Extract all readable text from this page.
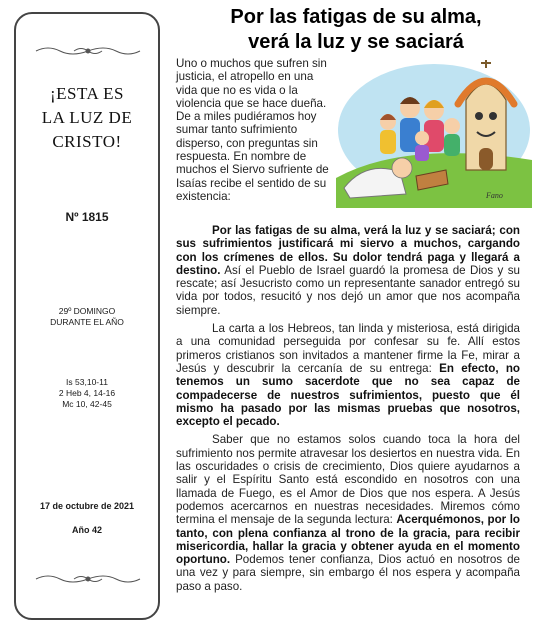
¡ESTA ES
LA LUZ DE
CRISTO!
Nº 1815
29º DOMINGO
DURANTE EL AÑO
Is 53,10-11
2 Heb 4, 14-16
Mc 10, 42-45
17 de octubre de 2021
Año 42
Por las fatigas de su alma,
verá la luz y se saciará
Uno o muchos que sufren sin justicia, el atropello en una vida que no es vida o la violencia que se hace dueña. De a miles pudiéramos hoy sumar tanto sufrimiento disperso, con preguntas sin respuesta. En nombre de muchos el Siervo sufriente de Isaías recibe el sentido de su existencia:	Fano

Por las fatigas de su alma, verá la luz y se saciará; con sus sufrimientos justificará mi siervo a muchos, cargando con los crímenes de ellos. Su dolor tendrá paga y llegará a destino. Así el Pueblo de Israel guardó la promesa de Dios y su rescate; así Jesucristo como un representante sanador entregó su vida por todos, resucitó y nos dejó un amor que nos acompaña siempre.

La carta a los Hebreos, tan linda y misteriosa, está dirigida a una comunidad perseguida por confesar su fe. Allí estos primeros cristianos son invitados a mantener firme la Fe, mirar a Jesús y descubrir la cercanía de su entrega: En efecto, no tenemos un sumo sacerdote que no sea capaz de compadecerse de nuestros sufrimientos, puesto que él mismo ha pasado por las mismas pruebas que nosotros, excepto el pecado.

Saber que no estamos solos cuando toca la hora del sufrimiento nos permite atravesar los desiertos en nuestra vida. En las oscuridades o crisis de crecimiento, Dios quiere ayudarnos a salir y el Espíritu Santo está escondido en nosotros con una llamada de Fuego, es el Amor de Dios que nos espera. A Jesús podemos acercarnos en nuestras necesidades. Miremos cómo termina el mensaje de la segunda lectura: Acerquémonos, por lo tanto, con plena confianza al trono de la gracia, para recibir misericordia, hallar la gracia y obtener ayuda en el momento oportuno. Podemos tener confianza, Dios actuó en nosotros de una vez y para siempre, sin embargo él nos espera y acompaña paso a paso.
